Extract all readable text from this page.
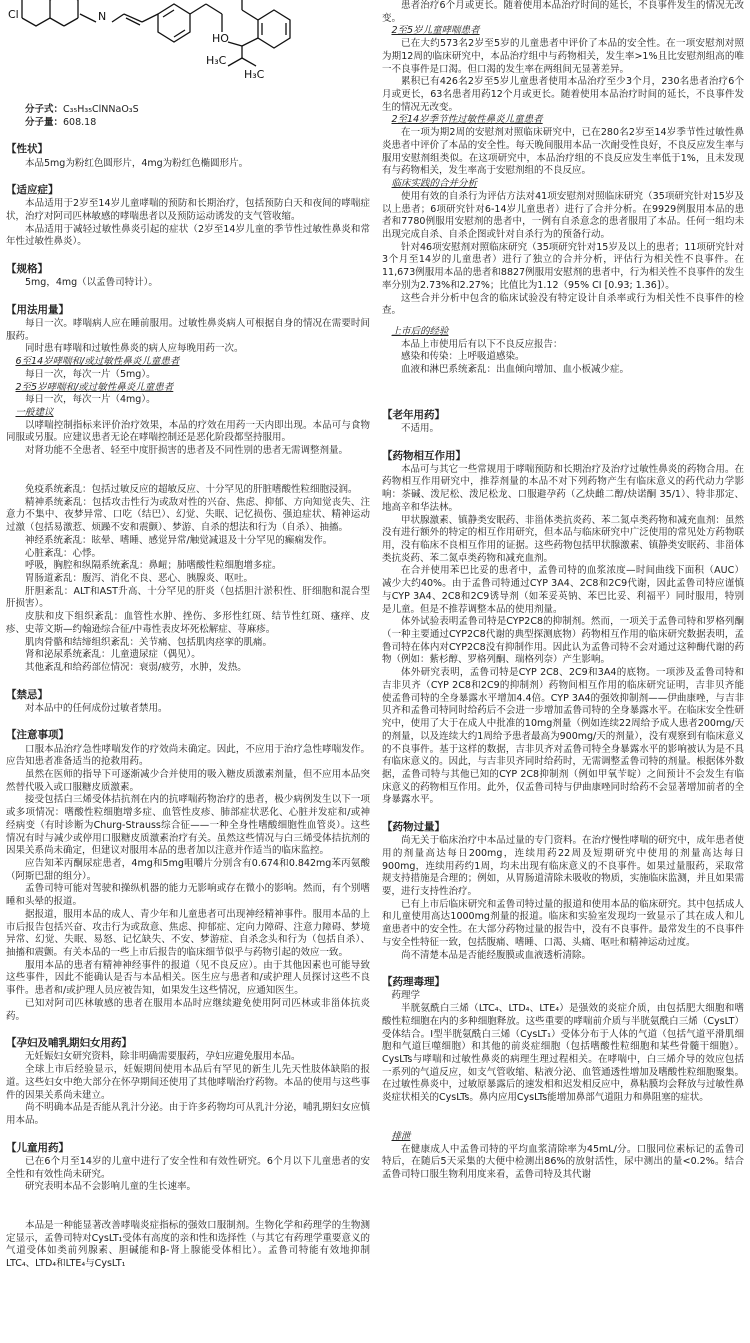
Cl	N
HO
H₃C
H₃C

分子式：C₃₅H₃₅ClNNaO₃S

分子量：608.18

【性状】

本品5mg为粉红色圆形片，4mg为粉红色椭圆形片。

【适应症】

本品适用于2岁至14岁儿童哮喘的预防和长期治疗，包括预防白天和夜间的哮喘症状，治疗对阿司匹林敏感的哮喘患者以及预防运动诱发的支气管收缩。

本品适用于减轻过敏性鼻炎引起的症状（2岁至14岁儿童的季节性过敏性鼻炎和常年性过敏性鼻炎）。

【规格】

5mg，4mg（以孟鲁司特计）。

【用法用量】

每日一次。哮喘病人应在睡前服用。过敏性鼻炎病人可根据自身的情况在需要时间服药。

同时患有哮喘和过敏性鼻炎的病人应每晚用药一次。

6至14岁哮喘和/或过敏性鼻炎儿童患者

每日一次，每次一片（5mg）。

2至5岁哮喘和/或过敏性鼻炎儿童患者

每日一次，每次一片（4mg）。

一般建议

以哮喘控制指标来评价治疗效果，本品的疗效在用药一天内即出现。本品可与食物同服或另服。应建议患者无论在哮喘控制还是恶化阶段都坚持服用。

对肾功能不全患者、轻至中度肝损害的患者及不同性别的患者无需调整剂量。

免疫系统紊乱：包括过敏反应的超敏反应、十分罕见的肝脏嗜酸性粒细胞浸润。

精神系统紊乱：包括攻击性行为或敌对性的兴奋、焦虑、抑郁、方向知觉丧失、注意力不集中、夜梦异常、口吃（结巴）、幻觉、失眠、记忆损伤、强迫症状、精神运动过激（包括易激惹、烦躁不安和震颤）、梦游、自杀的想法和行为（自杀）、抽搐。

神经系统紊乱：眩晕、嗜睡、感觉异常/触觉减退及十分罕见的癫痫发作。

心脏紊乱：心悸。

呼吸，胸腔和纵隔系统紊乱：鼻衄；肺嗜酸性粒细胞增多症。

胃肠道紊乱：腹泻、消化不良、恶心、胰腺炎、呕吐。

肝胆紊乱：ALT和AST升高、十分罕见的肝炎（包括胆汁淤积性、肝细胞和混合型肝损害）。

皮肤和皮下组织紊乱：血管性水肿、挫伤、多形性红斑、结节性红斑、瘙痒、皮疹、史蒂文斯—约翰逊综合征/中毒性表皮坏死松解症、荨麻疹。

肌肉骨骼和结缔组织紊乱：关节痛、包括肌肉痉挛的肌痛。

肾和泌尿系统紊乱：儿童遗尿症（偶见）。

其他紊乱和给药部位情况：衰弱/疲劳，水肿，发热。

【禁忌】

对本品中的任何成份过敏者禁用。

【注意事项】

口服本品治疗急性哮喘发作的疗效尚未确定。因此，不应用于治疗急性哮喘发作。应告知患者准备适当的抢救用药。

虽然在医师的指导下可逐渐减少合并使用的吸入糖皮质激素剂量，但不应用本品突然替代吸入或口服糖皮质激素。

接受包括白三烯受体拮抗剂在内的抗哮喘药物治疗的患者，极少病例发生以下一项或多项情况：嗜酸性粒细胞增多症、血管性皮疹、肺部症状恶化、心脏并发症和/或神经病变（有时诊断为Churg-Strauss综合征——一种全身性嗜酸细胞性血管炎）。这些情况有时与减少或停用口服糖皮质激素治疗有关。虽然这些情况与白三烯受体拮抗剂的因果关系尚未确定，但建议对服用本品的患者加以注意并作适当的临床监控。

应告知苯丙酮尿症患者，4mg和5mg咀嚼片分别含有0.674和0.842mg苯丙氨酸（阿斯巴甜的组分）。

孟鲁司特可能对驾驶和操纵机器的能力无影响或存在微小的影响。然而，有个别嗜睡和头晕的报道。

据报道，服用本品的成人、青少年和儿童患者可出现神经精神事件。服用本品的上市后报告包括兴奋、攻击行为或敌意、焦虑、抑郁症、定向力障碍、注意力障碍、梦境异常、幻觉、失眠、易怒、记忆缺失、不安、梦游症、自杀念头和行为（包括自杀）、抽搐和震颤。有关本品的一些上市后报告的临床细节似乎与药物引起的效应一致。

服用本品的患者有精神神经事件的报道（见不良反应）。由于其他因素也可能导致这些事件，因此不能确认是否与本品相关。医生应与患者和/或护理人员探讨这些不良事件。患者和/或护理人员应被告知，如果发生这些情况，应通知医生。

已知对阿司匹林敏感的患者在服用本品时应继续避免使用阿司匹林或非甾体抗炎药。

【孕妇及哺乳期妇女用药】

无妊娠妇女研究资料，除非明确需要服药，孕妇应避免服用本品。

全球上市后经验显示，妊娠期间使用本品后有罕见的新生儿先天性肢体缺陷的报道。这些妇女中绝大部分在怀孕期间还使用了其他哮喘治疗药物。本品的使用与这些事件的因果关系尚未建立。

尚不明确本品是否能从乳汁分泌。由于许多药物均可从乳汁分泌，哺乳期妇女应慎用本品。

【儿童用药】

已在6个月至14岁的儿童中进行了安全性和有效性研究。6个月以下儿童患者的安全性和有效性尚未研究。

研究表明本品不会影响儿童的生长速率。

本品是一种能显著改善哮喘炎症指标的强效口服制剂。生物化学和药理学的生物测定显示，孟鲁司特对CysLT₁受体有高度的亲和性和选择性（与其它有药理学重要意义的气道受体如类前列腺素、胆碱能和β-肾上腺能受体相比）。孟鲁司特能有效地抑制LTC₄、LTD₄和LTE₄与CysLT₁

患者治疗6个月或更长。随着使用本品治疗时间的延长，不良事件发生的情况无改变。

2至5岁儿童哮喘患者

已在大约573名2岁至5岁的儿童患者中评价了本品的安全性。在一项安慰剂对照为期12周的临床研究中，本品治疗组中与药物相关，发生率>1%且比安慰剂组高的唯一不良事件是口渴。但口渴的发生率在两组间无显著差异。

累积已有426名2岁至5岁儿童患者使用本品治疗至少3个月，230名患者治疗6个月或更长，63名患者用药12个月或更长。随着使用本品治疗时间的延长，不良事件发生的情况无改变。

2至14岁季节性过敏性鼻炎儿童患者

在一项为期2周的安慰剂对照临床研究中，已在280名2岁至14岁季节性过敏性鼻炎患者中评价了本品的安全性。每天晚间服用本品一次耐受性良好，不良反应发生率与服用安慰剂组类似。在这项研究中，本品治疗组的不良反应发生率低于1%，且未发现有与药物相关，发生率高于安慰剂组的不良反应。

临床实践的合并分析

使用有效的自杀行为评估方法对41项安慰剂对照临床研究（35项研究针对15岁及以上患者；6项研究针对6-14岁儿童患者）进行了合并分析。在9929例服用本品的患者和7780例服用安慰剂的患者中，一例有自杀意念的患者服用了本品。任何一组均未出现完成自杀、自杀企图或针对自杀行为的预备行动。

针对46项安慰剂对照临床研究（35项研究针对15岁及以上的患者；11项研究针对3个月至14岁的儿童患者）进行了独立的合并分析，评估行为相关性不良事件。在11,673例服用本品的患者和8827例服用安慰剂的患者中，行为相关性不良事件的发生率分别为2.73%和2.27%；比值比为1.12（95% CI [0.93; 1.36]）。

这些合并分析中包含的临床试验没有特定设计自杀率或行为相关性不良事件的检查。

上市后的经验

本品上市使用后有以下不良反应报告：

感染和传染：上呼吸道感染。

血液和淋巴系统紊乱：出血倾向增加、血小板减少症。

【老年用药】

不适用。

【药物相互作用】

本品可与其它一些常规用于哮喘预防和长期治疗及治疗过敏性鼻炎的药物合用。在药物相互作用研究中，推荐剂量的本品不对下列药物产生有临床意义的药代动力学影响：茶碱、泼尼松、泼尼松龙、口服避孕药（乙炔雌二醇/炔诺酮 35/1）、特非那定、地高辛和华法林。

甲状腺激素、镇静类安眠药、非甾体类抗炎药、苯二氮卓类药物和减充血剂：虽然没有进行额外的特定的相互作用研究，但本品与临床研究中广泛使用的常见处方药物联用，没有临床不良相互作用的证据。这些药物包括甲状腺激素、镇静类安眠药、非甾体类抗炎药、苯二氮卓类药物和减充血剂。

在合并使用苯巴比妥的患者中，孟鲁司特的血浆浓度—时间曲线下面积（AUC）减少大约40%。由于孟鲁司特通过CYP 3A4、2C8和2C9代谢，因此孟鲁司特应谨慎与CYP 3A4、2C8和2C9诱导剂（如苯妥英钠、苯巴比妥、利福平）同时服用，特别是儿童。但是不推荐调整本品的使用剂量。

体外试验表明孟鲁司特是CYP2C8的抑制剂。然而，一项关于孟鲁司特和罗格列酮（一种主要通过CYP2C8代谢的典型探测底物）药物相互作用的临床研究数据表明，孟鲁司特在体内对CYP2C8没有抑制作用。因此认为孟鲁司特不会对通过这种酶代谢的药物（例如：紫杉醇、罗格列酮、瑞格列奈）产生影响。

体外研究表明，孟鲁司特是CYP 2C8、2C9和3A4的底物。一项涉及孟鲁司特和吉非贝齐（CYP 2C8和2C9的抑制剂）药物间相互作用的临床研究证明，吉非贝齐能使孟鲁司特的全身暴露水平增加4.4倍。CYP 3A4的强效抑制剂——伊曲康唑，与吉非贝齐和孟鲁司特同时给药后不会进一步增加孟鲁司特的全身暴露水平。在临床安全性研究中，使用了大于在成人中批准的10mg剂量（例如连续22周给予成人患者200mg/天的剂量，以及连续大约1周给予患者最高为900mg/天的剂量），没有观察到有临床意义的不良事件。基于这样的数据，吉非贝齐对孟鲁司特全身暴露水平的影响被认为是不具有临床意义的。因此，与吉非贝齐同时给药时，无需调整孟鲁司特的剂量。根据体外数据，孟鲁司特与其他已知的CYP 2C8抑制剂（例如甲氧苄啶）之间预计不会发生有临床意义的药物相互作用。此外，仅孟鲁司特与伊曲康唑同时给药不会显著增加前者的全身暴露水平。

【药物过量】

尚无关于临床治疗中本品过量的专门资料。在治疗慢性哮喘的研究中，成年患者使用的剂量高达每日200mg，连续用药22周及短期研究中使用的剂量高达每日900mg，连续用药约1周，均未出现有临床意义的不良事件。如果过量服药，采取常规支持措施是合理的；例如，从胃肠道清除未吸收的物质，实施临床监测，并且如果需要，进行支持性治疗。

已有上市后临床研究和孟鲁司特过量的报道和使用本品的临床研究。其中包括成人和儿童使用高达1000mg剂量的报道。临床和实验室发现均一致显示了其在成人和儿童患者中的安全性。在大部分药物过量的报告中，没有不良事件。最常发生的不良事件与安全性特征一致，包括腹痛、嗜睡、口渴、头痛、呕吐和精神运动过度。

尚不清楚本品是否能经腹膜或血液透析清除。

【药理毒理】

药理学

半胱氨酰白三烯（LTC₄、LTD₄、LTE₄）是强效的炎症介质，由包括肥大细胞和嗜酸性粒细胞在内的多种细胞释放。这些重要的哮喘前介质与半胱氨酰白三烯（CysLT）受体结合。I型半胱氨酰白三烯（CysLT₁）受体分布于人体的气道（包括气道平滑肌细胞和气道巨噬细胞）和其他的前炎症细胞（包括嗜酸性粒细胞和某些骨髓干细胞）。CysLTs与哮喘和过敏性鼻炎的病理生理过程相关。在哮喘中，白三烯介导的效应包括一系列的气道反应，如支气管收缩、粘液分泌、血管通透性增加及嗜酸性粒细胞聚集。在过敏性鼻炎中，过敏原暴露后的速发相和迟发相反应中，鼻粘膜均会释放与过敏性鼻炎症状相关的CysLTs。鼻内应用CysLTs能增加鼻部气道阻力和鼻阻塞的症状。

排泄

在健康成人中孟鲁司特的平均血浆清除率为45mL/分。口服同位素标记的孟鲁司特后，在随后5天采集的大便中检测出86%的放射活性，尿中测出的量<0.2%。结合孟鲁司特口服生物利用度来看，孟鲁司特及其代谢
